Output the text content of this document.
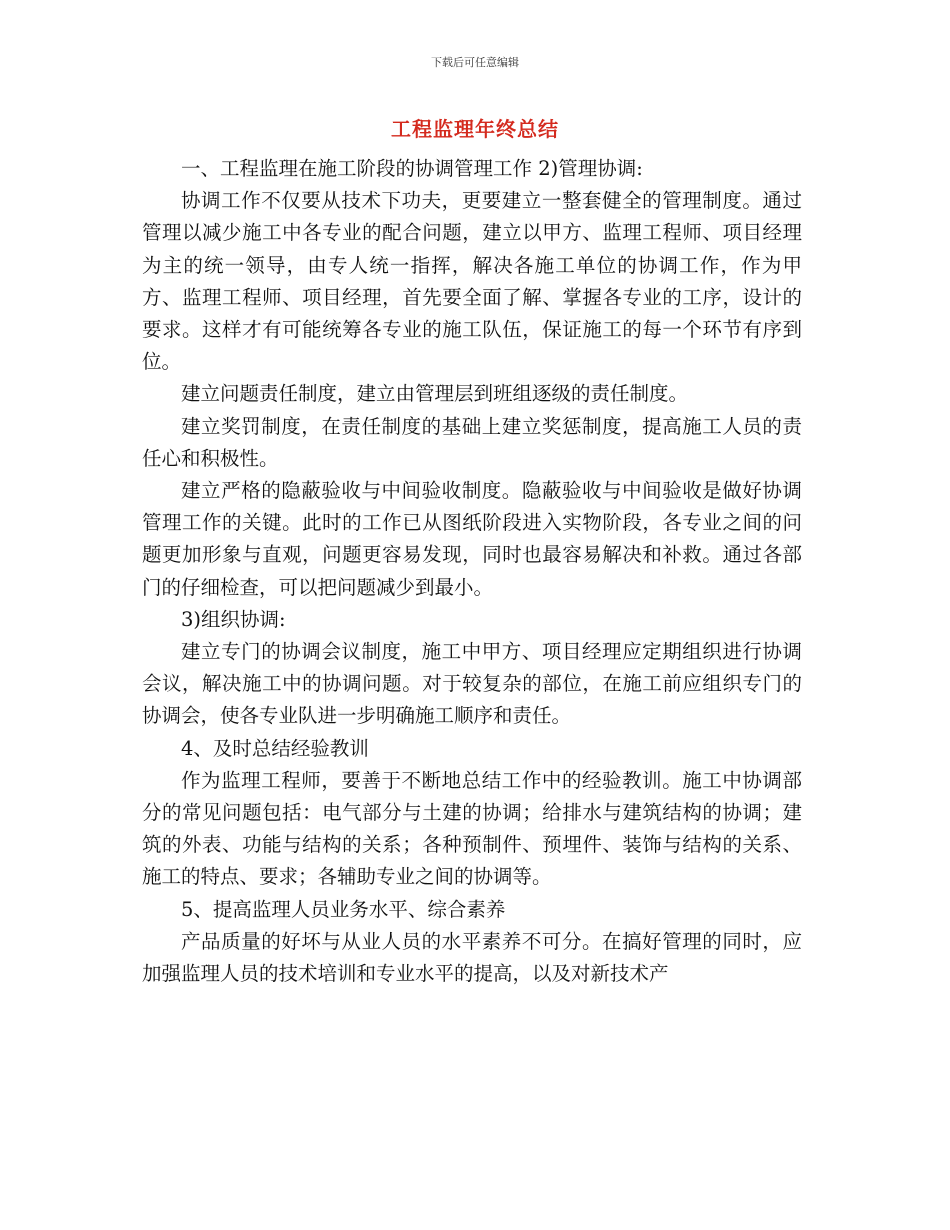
下载后可任意编辑
工程监理年终总结

一、工程监理在施工阶段的协调管理工作 2)管理协调:

协调工作不仅要从技术下功夫，更要建立一整套健全的管理制度。通过管理以减少施工中各专业的配合问题，建立以甲方、监理工程师、项目经理为主的统一领导，由专人统一指挥，解决各施工单位的协调工作，作为甲方、监理工程师、项目经理，首先要全面了解、掌握各专业的工序，设计的要求。这样才有可能统筹各专业的施工队伍，保证施工的每一个环节有序到位。

建立问题责任制度，建立由管理层到班组逐级的责任制度。

建立奖罚制度，在责任制度的基础上建立奖惩制度，提高施工人员的责任心和积极性。

建立严格的隐蔽验收与中间验收制度。隐蔽验收与中间验收是做好协调管理工作的关键。此时的工作已从图纸阶段进入实物阶段，各专业之间的问题更加形象与直观，问题更容易发现，同时也最容易解决和补救。通过各部门的仔细检查，可以把问题减少到最小。

3)组织协调:

建立专门的协调会议制度，施工中甲方、项目经理应定期组织进行协调会议，解决施工中的协调问题。对于较复杂的部位，在施工前应组织专门的协调会，使各专业队进一步明确施工顺序和责任。

4、及时总结经验教训

作为监理工程师，要善于不断地总结工作中的经验教训。施工中协调部分的常见问题包括：电气部分与土建的协调；给排水与建筑结构的协调；建筑的外表、功能与结构的关系；各种预制件、预埋件、装饰与结构的关系、施工的特点、要求；各辅助专业之间的协调等。

5、提高监理人员业务水平、综合素养

产品质量的好坏与从业人员的水平素养不可分。在搞好管理的同时，应加强监理人员的技术培训和专业水平的提高，以及对新技术产
